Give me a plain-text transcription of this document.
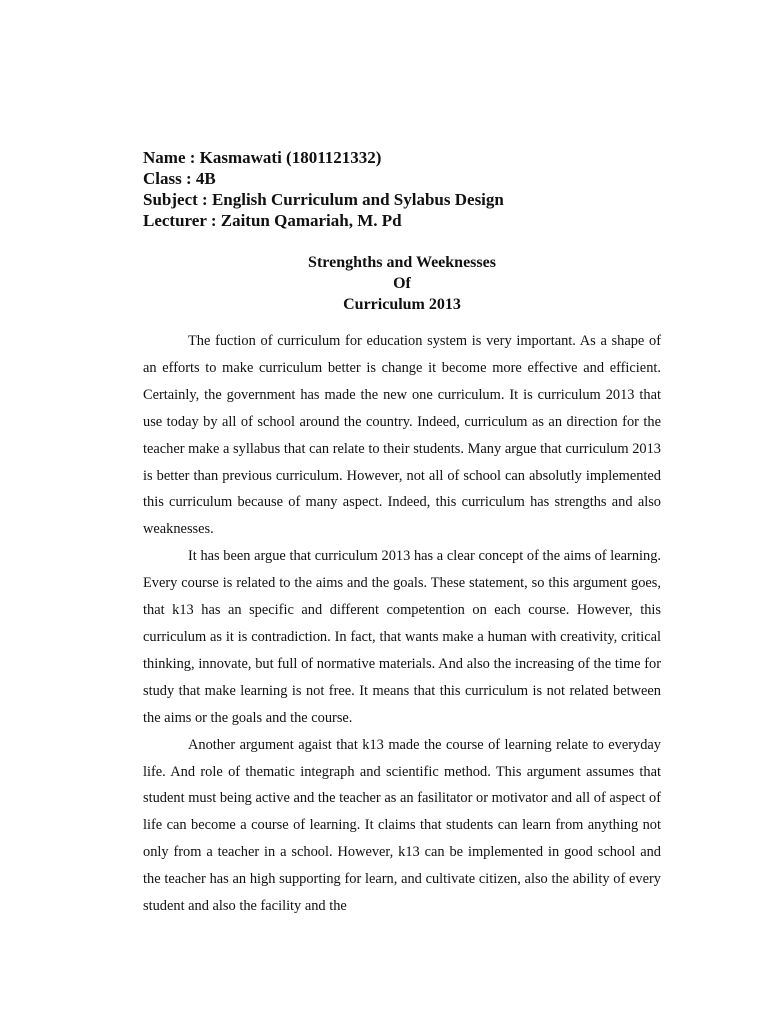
Name : Kasmawati (1801121332)
Class : 4B
Subject : English Curriculum and Sylabus Design
Lecturer : Zaitun Qamariah, M. Pd
Strenghths and Weeknesses
Of
Curriculum 2013

The fuction of curriculum for education system is very important. As a shape of an efforts to make curriculum better is change it become more effective and efficient. Certainly, the government has made the new one curriculum. It is curriculum 2013 that use today by all of school around the country. Indeed, curriculum as an direction for the teacher make a syllabus that can relate to their students. Many argue that curriculum 2013 is better than previous curriculum. However, not all of school can absolutly implemented this curriculum because of many aspect. Indeed, this curriculum has strengths and also weaknesses.

It has been argue that curriculum 2013 has a clear concept of the aims of learning. Every course is related to the aims and the goals. These statement, so this argument goes, that k13 has an specific and different competention on each course. However, this curriculum as it is contradiction. In fact, that wants make a human with creativity, critical thinking, innovate, but full of normative materials. And also the increasing of the time for study that make learning is not free. It means that this curriculum is not related between the aims or the goals and the course.

Another argument agaist that k13 made the course of learning relate to everyday life. And role of thematic integraph and scientific method. This argument assumes that student must being active and the teacher as an fasilitator or motivator and all of aspect of life can become a course of learning. It claims that students can learn from anything not only from a teacher in a school. However, k13 can be implemented in good school and the teacher has an high supporting for learn, and cultivate citizen, also the ability of every student and also the facility and the
